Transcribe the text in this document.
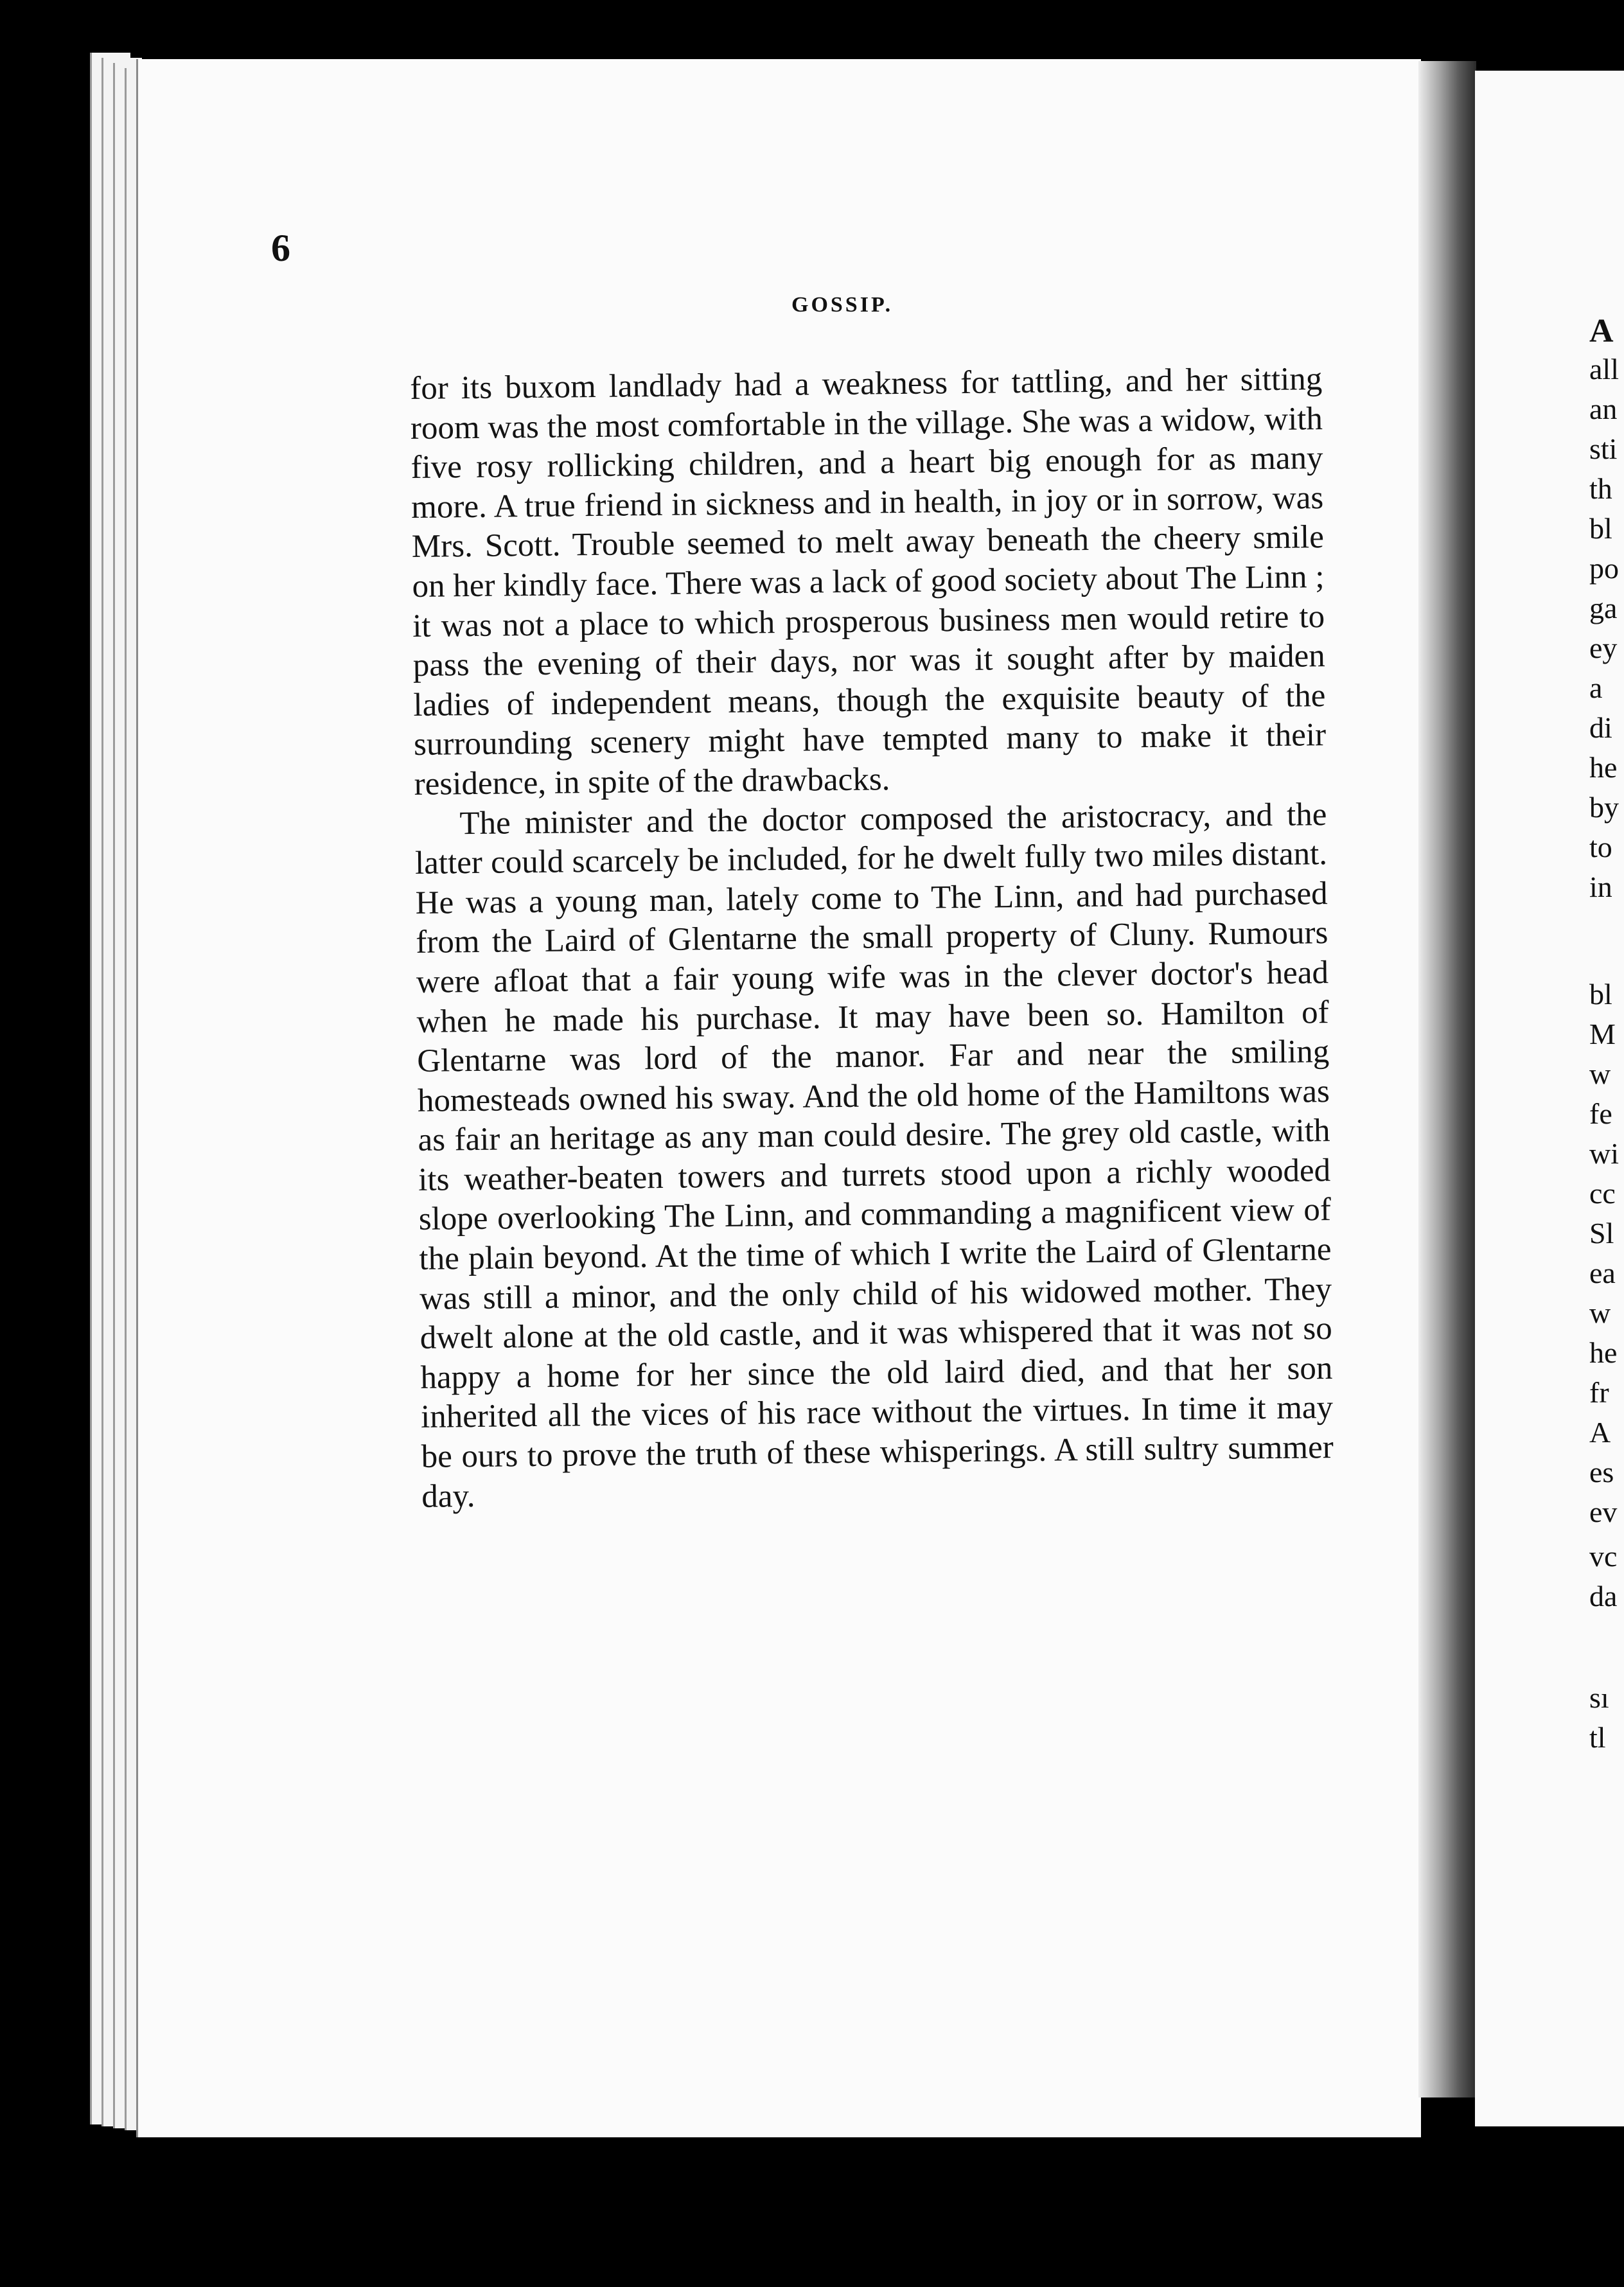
6
GOSSIP.

for its buxom landlady had a weakness for tattling, and her sitting room was the most comfortable in the village. She was a widow, with five rosy rollicking children, and a heart big enough for as many more. A true friend in sickness and in health, in joy or in sorrow, was Mrs. Scott. Trouble seemed to melt away beneath the cheery smile on her kindly face. There was a lack of good society about The Linn ; it was not a place to which prosperous business men would retire to pass the evening of their days, nor was it sought after by maiden ladies of independent means, though the exquisite beauty of the surrounding scenery might have tempted many to make it their residence, in spite of the drawbacks.

The minister and the doctor composed the aristocracy, and the latter could scarcely be included, for he dwelt fully two miles distant. He was a young man, lately come to The Linn, and had purchased from the Laird of Glentarne the small property of Cluny. Rumours were afloat that a fair young wife was in the clever doctor's head when he made his purchase. It may have been so. Hamilton of Glentarne was lord of the manor. Far and near the smiling homesteads owned his sway. And the old home of the Hamiltons was as fair an heritage as any man could desire. The grey old castle, with its weather-beaten towers and turrets stood upon a richly wooded slope overlooking The Linn, and commanding a magnificent view of the plain beyond. At the time of which I write the Laird of Glentarne was still a minor, and the only child of his widowed mother. They dwelt alone at the old castle, and it was whispered that it was not so happy a home for her since the old laird died, and that her son inherited all the vices of his race without the virtues. In time it may be ours to prove the truth of these whisperings. A still sultry summer day.

A
all
an
sti
th
bl
po
ga
ey
a
di
he
by
to
in
bl
M
w
fe
wi
cc
Sl
ea
w
he
fr
A
es
ev
vc
da
sı
tl
